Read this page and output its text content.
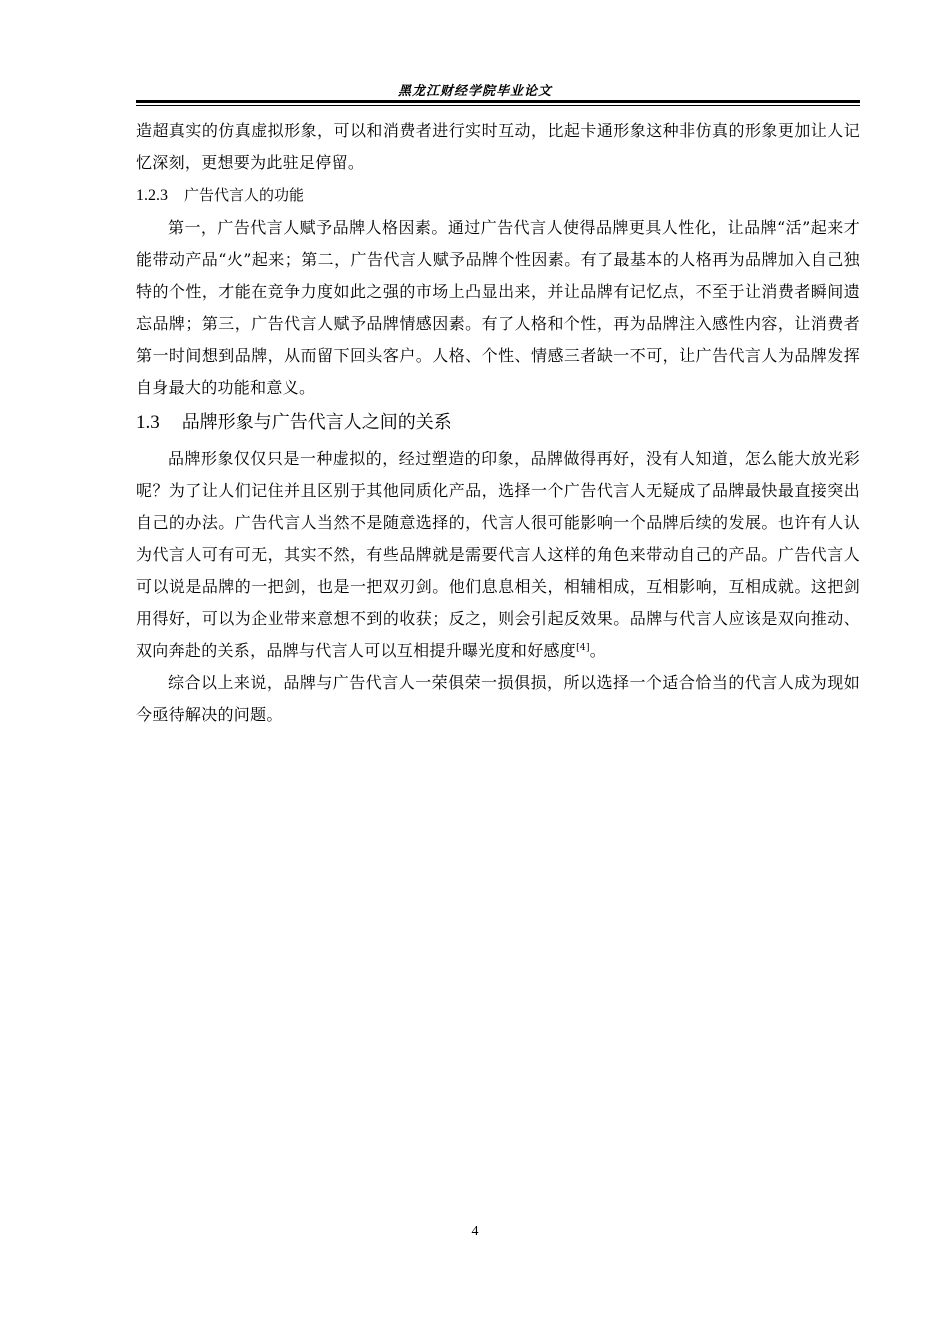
黑龙江财经学院毕业论文

造超真实的仿真虚拟形象，可以和消费者进行实时互动，比起卡通形象这种非仿真的形象更加让人记忆深刻，更想要为此驻足停留。

1.2.3 广告代言人的功能

第一，广告代言人赋予品牌人格因素。通过广告代言人使得品牌更具人性化，让品牌“活”起来才能带动产品“火”起来；第二，广告代言人赋予品牌个性因素。有了最基本的人格再为品牌加入自己独特的个性，才能在竞争力度如此之强的市场上凸显出来，并让品牌有记忆点，不至于让消费者瞬间遗忘品牌；第三，广告代言人赋予品牌情感因素。有了人格和个性，再为品牌注入感性内容，让消费者第一时间想到品牌，从而留下回头客户。人格、个性、情感三者缺一不可，让广告代言人为品牌发挥自身最大的功能和意义。

1.3 品牌形象与广告代言人之间的关系

品牌形象仅仅只是一种虚拟的，经过塑造的印象，品牌做得再好，没有人知道，怎么能大放光彩呢？为了让人们记住并且区别于其他同质化产品，选择一个广告代言人无疑成了品牌最快最直接突出自己的办法。广告代言人当然不是随意选择的，代言人很可能影响一个品牌后续的发展。也许有人认为代言人可有可无，其实不然，有些品牌就是需要代言人这样的角色来带动自己的产品。广告代言人可以说是品牌的一把剑，也是一把双刃剑。他们息息相关，相辅相成，互相影响，互相成就。这把剑用得好，可以为企业带来意想不到的收获；反之，则会引起反效果。品牌与代言人应该是双向推动、双向奔赴的关系，品牌与代言人可以互相提升曝光度和好感度[4]。

综合以上来说，品牌与广告代言人一荣俱荣一损俱损，所以选择一个适合恰当的代言人成为现如今亟待解决的问题。

4
